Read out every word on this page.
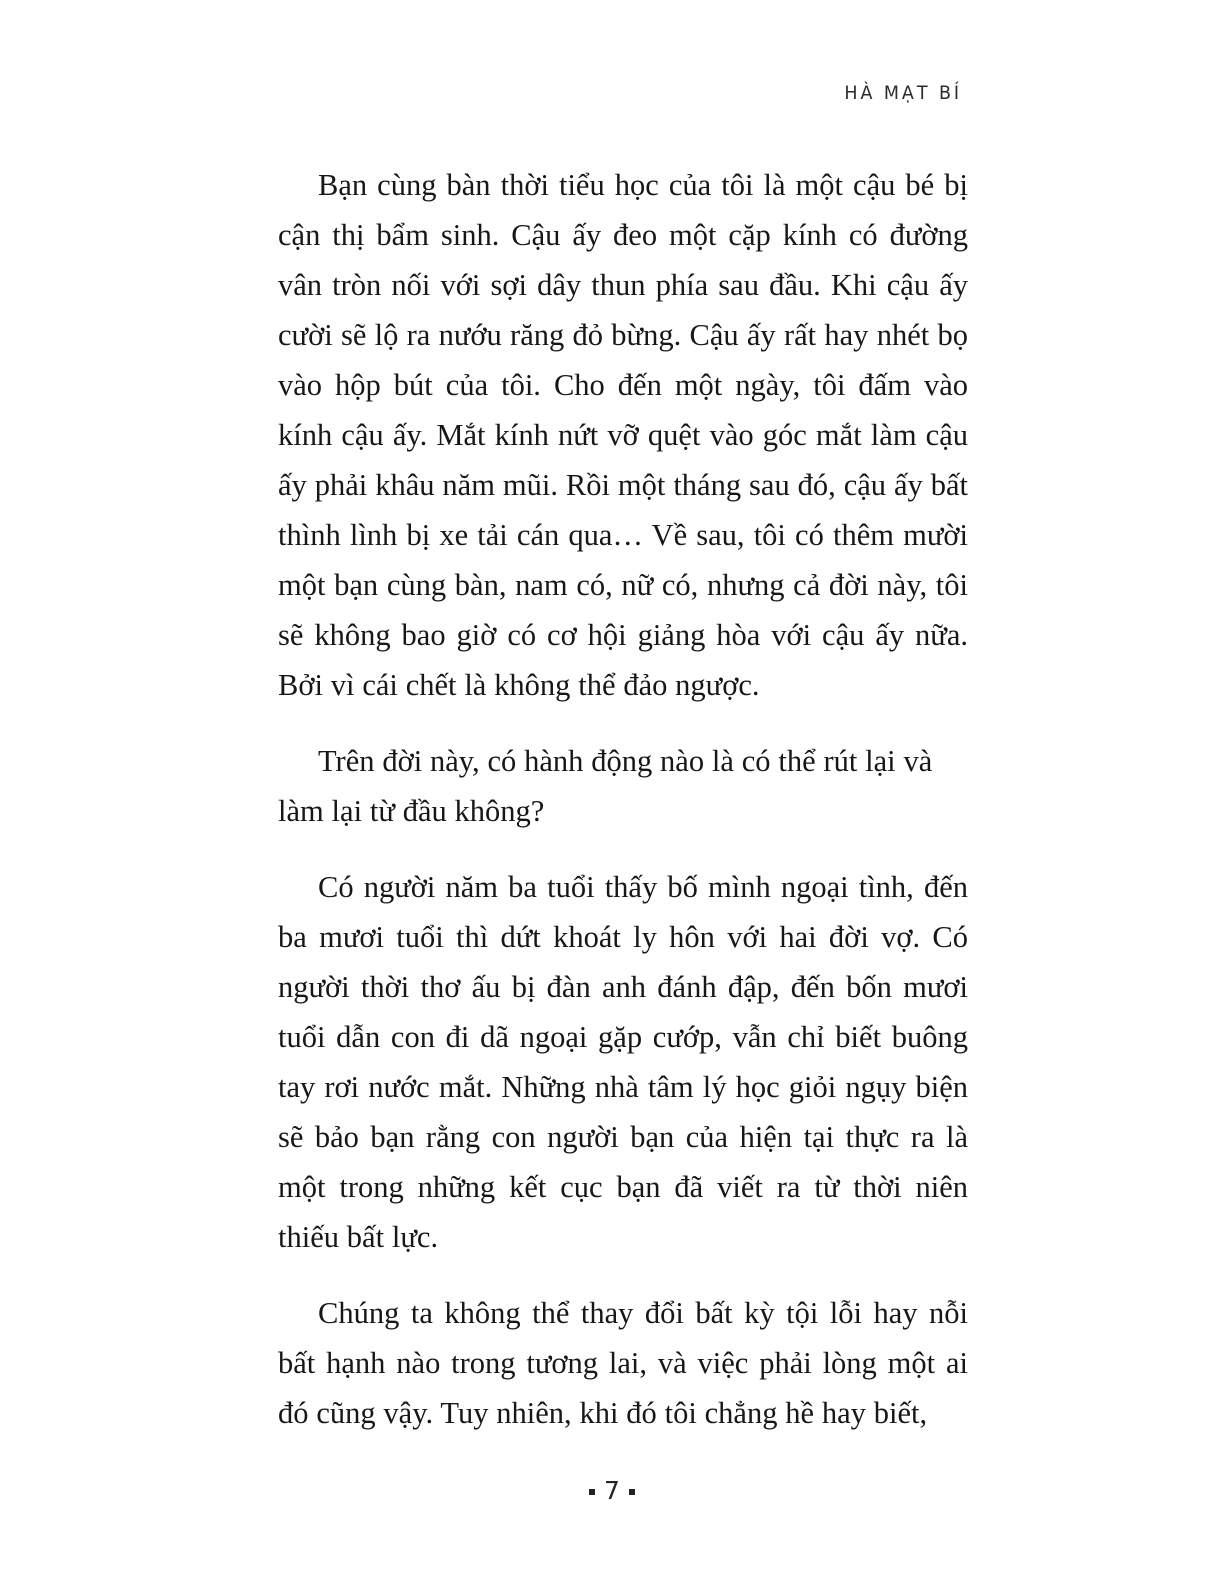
HÀ MẠT BÍ

Bạn cùng bàn thời tiểu học của tôi là một cậu bé bị cận thị bẩm sinh. Cậu ấy đeo một cặp kính có đường vân tròn nối với sợi dây thun phía sau đầu. Khi cậu ấy cười sẽ lộ ra nướu răng đỏ bừng. Cậu ấy rất hay nhét bọ vào hộp bút của tôi. Cho đến một ngày, tôi đấm vào kính cậu ấy. Mắt kính nứt vỡ quệt vào góc mắt làm cậu ấy phải khâu năm mũi. Rồi một tháng sau đó, cậu ấy bất thình lình bị xe tải cán qua… Về sau, tôi có thêm mười một bạn cùng bàn, nam có, nữ có, nhưng cả đời này, tôi sẽ không bao giờ có cơ hội giảng hòa với cậu ấy nữa. Bởi vì cái chết là không thể đảo ngược.

Trên đời này, có hành động nào là có thể rút lại và làm lại từ đầu không?

Có người năm ba tuổi thấy bố mình ngoại tình, đến ba mươi tuổi thì dứt khoát ly hôn với hai đời vợ. Có người thời thơ ấu bị đàn anh đánh đập, đến bốn mươi tuổi dẫn con đi dã ngoại gặp cướp, vẫn chỉ biết buông tay rơi nước mắt. Những nhà tâm lý học giỏi ngụy biện sẽ bảo bạn rằng con người bạn của hiện tại thực ra là một trong những kết cục bạn đã viết ra từ thời niên thiếu bất lực.

Chúng ta không thể thay đổi bất kỳ tội lỗi hay nỗi bất hạnh nào trong tương lai, và việc phải lòng một ai đó cũng vậy. Tuy nhiên, khi đó tôi chẳng hề hay biết,

7
